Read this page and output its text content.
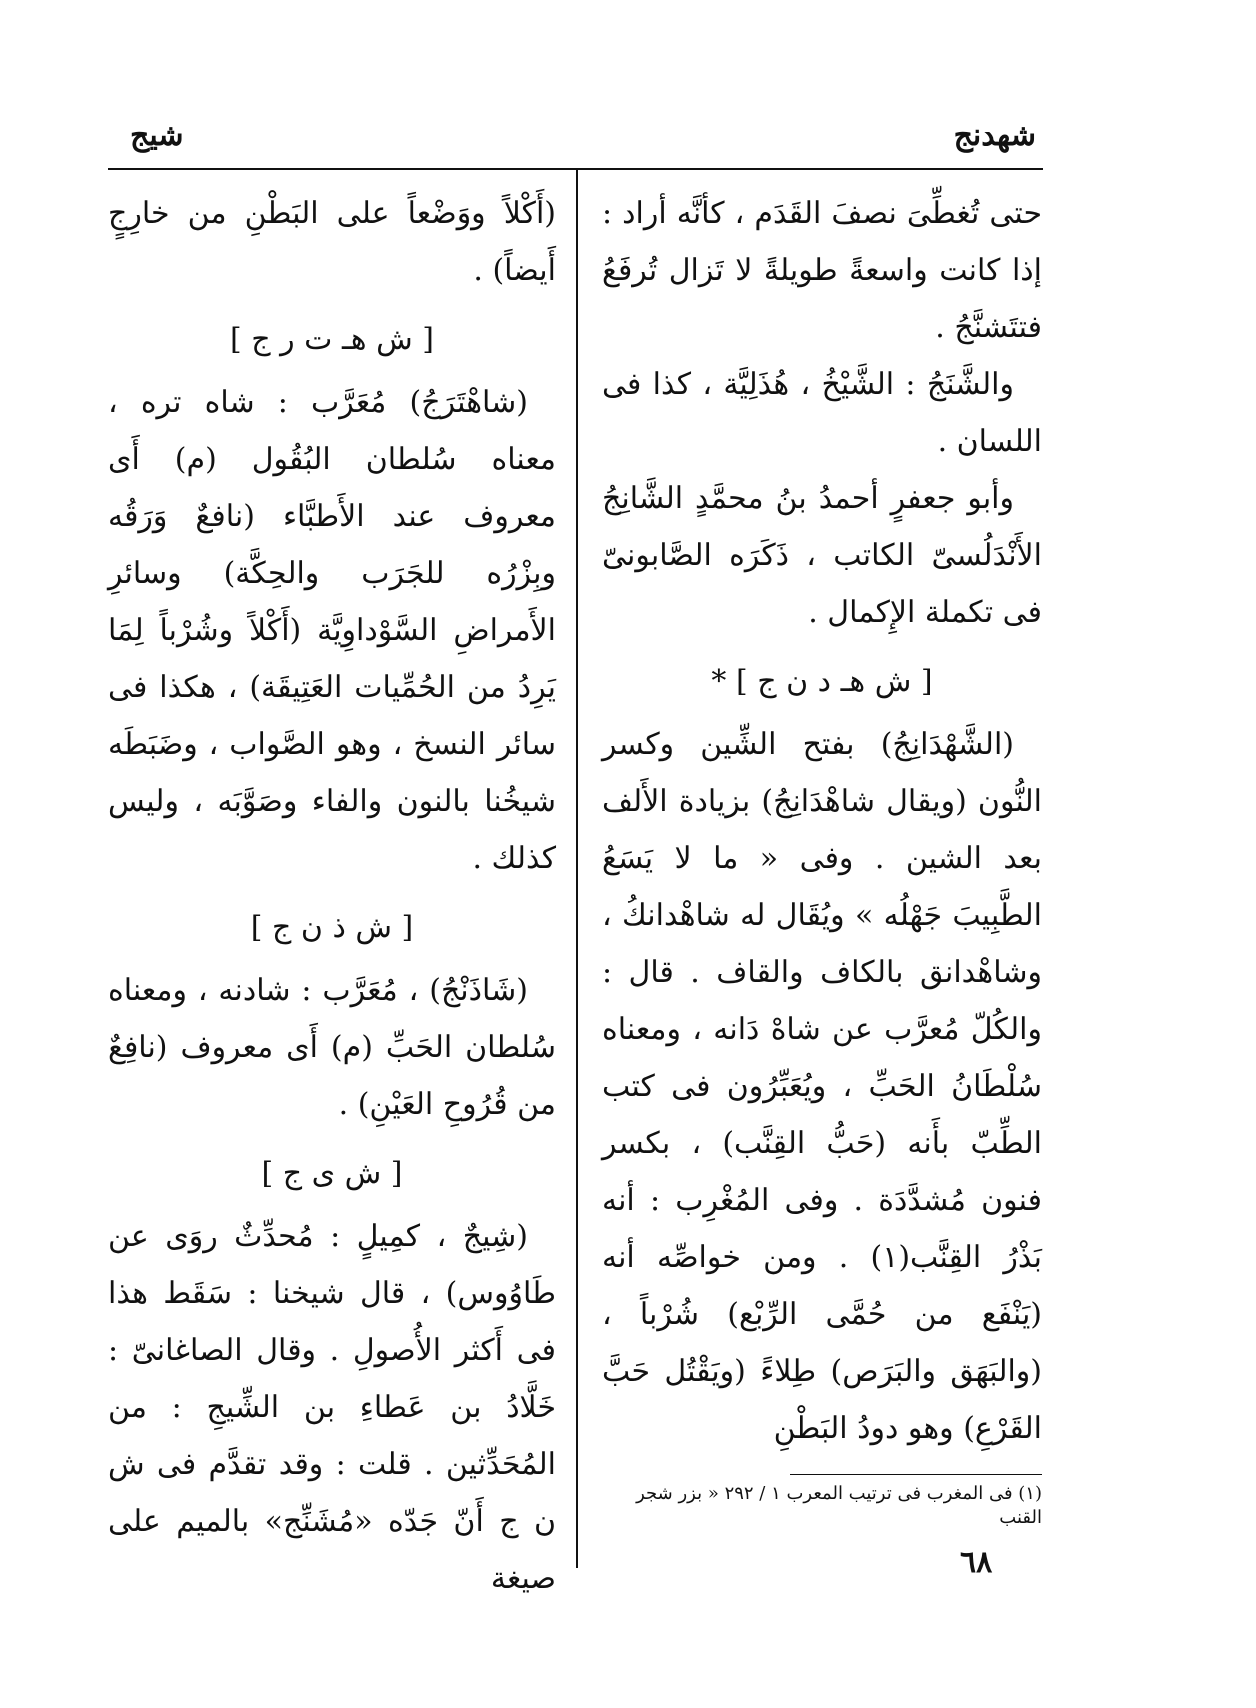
شيج	شهدنج

حتى تُغطِّىَ نصفَ القَدَم ، كأنَّه أراد : إذا كانت واسعةً طويلةً لا تَزال تُرفَعُ فتتَشنَّجُ .

والشَّنَجُ : الشَّيْخُ ، هُذَلِيَّة ، كذا فى اللسان .

وأبو جعفرٍ أحمدُ بنُ محمَّدٍ الشَّانِجُ الأَنْدَلُسىّ الكاتب ، ذَكَرَه الصَّابونىّ فى تكملة الإِكمال .

[ ش هـ د ن ج ] *

(الشَّهْدَانِجُ) بفتح الشِّين وكسر النُّون (ويقال شاهْدَانِجُ) بزيادة الأَلف بعد الشين . وفى « ما لا يَسَعُ الطَّبِيبَ جَهْلُه » ويُقَال له شاهْدانكُ ، وشاهْدانق بالكاف والقاف . قال : والكُلّ مُعرَّب عن شاهْ دَانه ، ومعناه سُلْطَانُ الحَبِّ ، ويُعَبِّرُون فى كتب الطِّبّ بأَنه (حَبُّ القِنَّب) ، بكسر فنون مُشدَّدَة . وفى المُغْرِب : أنه بَذْرُ القِنَّب(١) . ومن خواصِّه أنه (يَنْفَع من حُمَّى الرِّبْع) شُرْباً ، (والبَهَق والبَرَص) طِلاءً (ويَقْتُل حَبَّ القَرْعِ) وهو دودُ البَطْنِ

(أَكْلاً ووَضْعاً على البَطْنِ من خارِجٍ أَيضاً) .

[ ش هـ ت ر ج ]

(شاهْتَرَجُ) مُعَرَّب : شاه تره ، معناه سُلطان البُقُول (م) أَى معروف عند الأَطبَّاء (نافعٌ وَرَقُه وبِزْرُه للجَرَب والحِكَّة) وسائرِ الأَمراضِ السَّوْداوِيَّة (أَكْلاً وشُرْباً لِمَا يَرِدُ من الحُمِّيات العَتِيقَة) ، هكذا فى سائر النسخ ، وهو الصَّواب ، وضَبَطَه شيخُنا بالنون والفاء وصَوَّبَه ، وليس كذلك .

[ ش ذ ن ج ]

(شَاذَنْجُ) ، مُعَرَّب : شادنه ، ومعناه سُلطان الحَبِّ (م) أَى معروف (نافِعٌ من قُرُوحِ العَيْنِ) .

[ ش ى ج ]

(شِيجٌ ، كمِيلٍ : مُحدِّثٌ روَى عن طَاوُوس) ، قال شيخنا : سَقَط هذا فى أَكثر الأُصولِ . وقال الصاغانىّ : خَلَّادُ بن عَطاءِ بن الشِّيجِ : من المُحَدِّثين . قلت : وقد تقدَّم فى ش ن ج أَنّ جَدّه «مُشَنِّج» بالميم على صيغة

(١) فى المغرب فى ترتيب المعرب ١ / ٢٩٢ « بزر شجر القنب
٦٨
